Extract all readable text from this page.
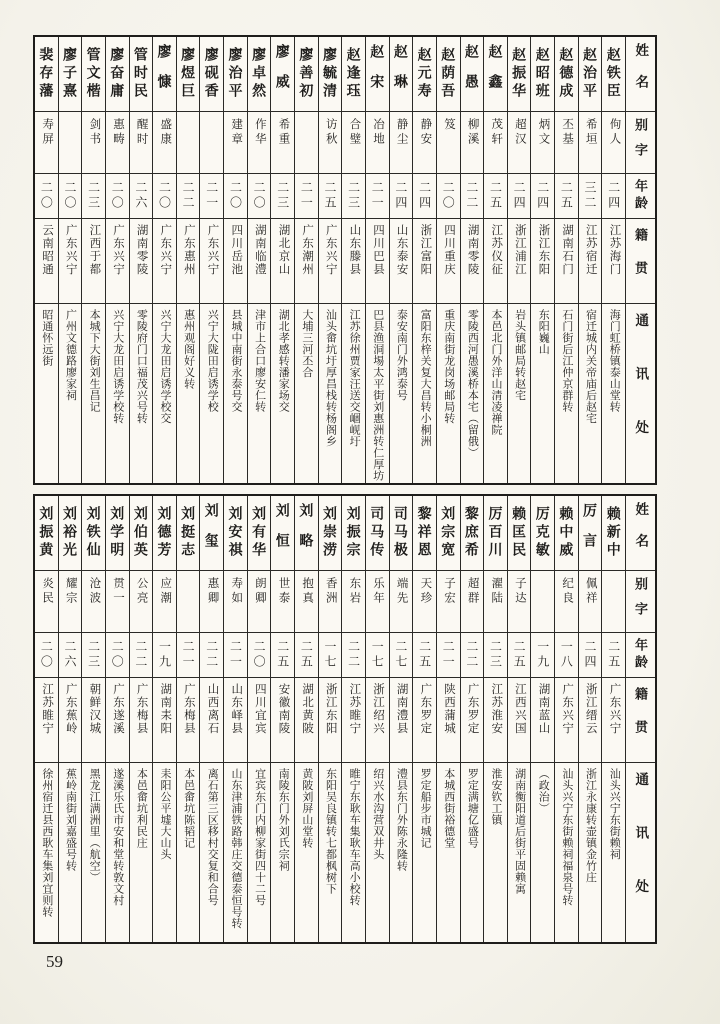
姓名
别字
年龄
籍贯
通讯处
赵铁臣
佝人
二四
江苏海门
海门虹桥镇泰山堂转
赵治平
希垣
三二
江苏宿迁
宿迁城内关帝庙后赵宅
赵德成
丕基
二五
湖南石门
石门街后江仲京群转
赵昭班
炳文
二四
浙江东阳
东阳巍山
赵振华
超汉
二四
浙江浦江
岩头镇邮局转赵宅
赵鑫
茂轩
二五
江苏仪征
本邑北门外洋山清凌禅院
赵愚
柳溪
二二
湖南零陵
零陵西河愚溪桥本宅（留俄）
赵荫吾
笈
二〇
四川重庆
重庆南街龙岗场邮局转
赵元寿
静安
二四
浙江富阳
富阳东梓关复大昌转小桐洲
赵琳
静尘
二四
山东泰安
泰安南门外鸿泰号
赵宋
冶地
二一
四川巴县
巴县渔洞埸太平街刘惠洲转仁厚坊
赵逢珏
合璧
二三
山东滕县
江苏徐州贾家汪送交崓岘圩
廖毓清
访秋
二五
广东兴宁
汕头畲坑圩厚昌栈转杨阁乡
廖善初
二一
广东潮州
大埔三河丕合
廖威
希重
二三
湖北京山
湖北孝感转潘家场交
廖卓然
作华
二〇
湖南临澧
津市上合口廖安仁转
廖治平
建章
二〇
四川岳池
县城中南街永泰号交
廖砚香
二一
广东兴宁
兴宁大陇田启诱学校
廖煜巨
二二
广东惠州
惠州观阁好义转
廖慷
盛康
二〇
广东兴宁
兴宁大龙田启诱学校交
管时民
醒时
二六
湖南零陵
零陵府门口福茂兴号转
廖奋庸
惠畴
二〇
广东兴宁
兴宁大龙田启诱学校转
管文楷
剑书
二三
江西于都
本城下大街刘生昌记
廖子熹
二〇
广东兴宁
广州文德路廖家祠
裴存藩
寿屏
二〇
云南昭通
昭通怀远街
姓名
别字
年龄
籍贯
通讯处
赖新中
二五
广东兴宁
汕头兴宁东街赖祠
厉言
佩祥
二四
浙江缙云
浙江永康转壶镇金竹庄
赖中威
纪良
一八
广东兴宁
汕头兴宁东街赖祠福泉号转
厉克敏
一九
湖南蓝山
（政治）
赖匡民
子达
二五
江西兴国
湖南衡阳道后街平固赖寓
厉百川
濯陆
二三
江苏淮安
淮安钦工镇
黎庶希
超群
二二
广东罗定
罗定满塘亿盛号
刘宗宽
子宏
二一
陕西蒲城
本城西街裕德堂
黎祥恩
天珍
二五
广东罗定
罗定船步市城记
司马极
端先
二七
湖南澧县
澧县东门外陈永隆转
司马传
乐年
一七
浙江绍兴
绍兴水沟营双井头
刘振宗
东岩
二二
江苏睢宁
睢宁东耿车集耿车高小校转
刘崇涝
香洲
一七
浙江东阳
东阳吴良镇转七都枫树下
刘略
抱真
二五
湖北黄陂
黄陂刘屏山堂转
刘恒
世泰
二五
安徽南陵
南陵东门外刘氏宗祠
刘有华
朗卿
二〇
四川宜宾
宜宾东门内柳家街四十二号
刘安祺
寿如
二一
山东峄县
山东津浦铁路韩庄交德泰恒号转
刘玺
惠卿
二二
山西离石
离石第三区移村交复和合号
刘挺志
二一
广东梅县
本邑畲坑陈韬记
刘德芳
应潮
一九
湖南耒阳
耒阳公平墟大山头
刘伯英
公亮
二二
广东梅县
本邑畲坑利民庄
刘学明
贯一
二〇
广东遂溪
遂溪乐氏市安和堂转敦文村
刘铁仙
沧波
二三
朝鲜汉城
黑龙江满洲里（航空）
刘裕光
耀宗
二六
广东蕉岭
蕉岭南街刘嘉盛号转
刘振黄
炎民
二〇
江苏睢宁
徐州宿迁县西耿车集刘宜则转
59
